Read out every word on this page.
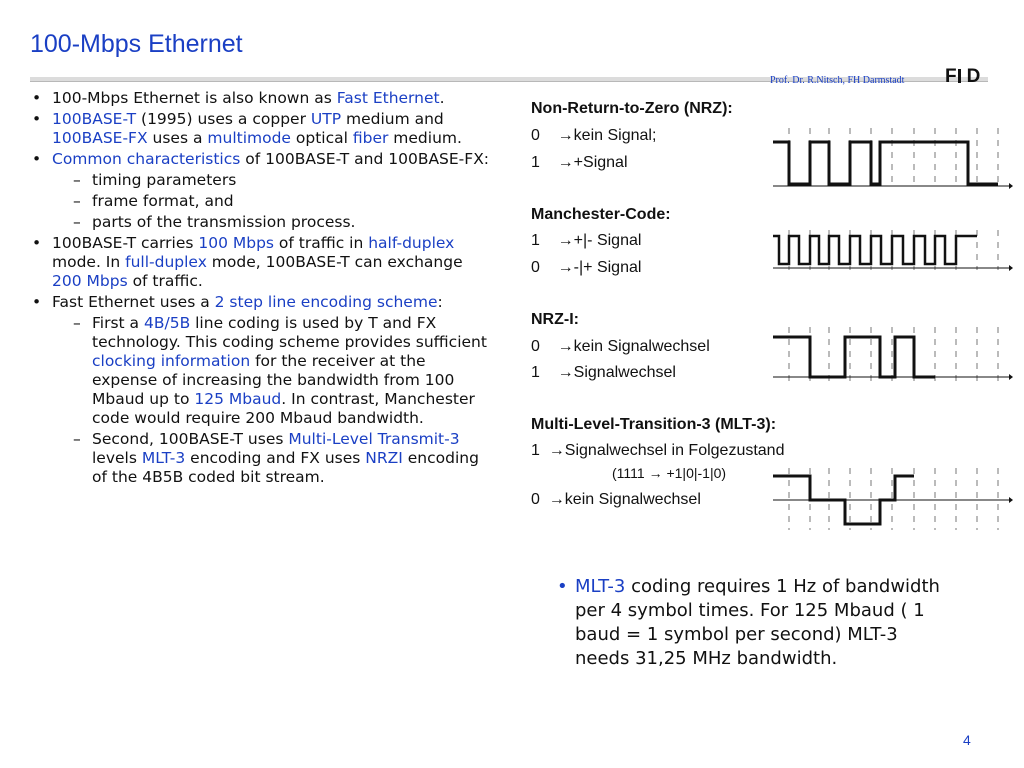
100-Mbps Ethernet
Prof. Dr. R.Nitsch, FH Darmstadt F D
• 100-Mbps Ethernet is also known as Fast Ethernet.
• 100BASE-T (1995) uses a copper UTP medium and 100BASE-FX uses a multimode optical fiber medium.
• Common characteristics of 100BASE-T and 100BASE-FX:
– timing parameters
– frame format, and
– parts of the transmission process.
• 100BASE-T carries 100 Mbps of traffic in half-duplex mode. In full-duplex mode, 100BASE-T can exchange 200 Mbps of traffic.
• Fast Ethernet uses a 2 step line encoding scheme:
– First a 4B/5B line coding is used by T and FX technology. This coding scheme provides sufficient clocking information for the receiver at the expense of increasing the bandwidth from 100 Mbaud up to 125 Mbaud. In contrast, Manchester code would require 200 Mbaud bandwidth.
– Second, 100BASE-T uses Multi-Level Transmit-3 levels MLT-3 encoding and FX uses NRZI encoding of the 4B5B coded bit stream.
Non-Return-to-Zero (NRZ):
0    →kein Signal;
1    →+Signal
Manchester-Code:
1    →+|- Signal
0    →-|+ Signal
NRZ-I:
0    →kein Signalwechsel
1    →Signalwechsel
Multi-Level-Transition-3 (MLT-3):
1  →Signalwechsel in Folgezustand
(1111 → +1|0|-1|0)
0  →kein Signalwechsel
• MLT-3 coding requires 1 Hz of bandwidth per 4 symbol times. For 125 Mbaud ( 1 baud = 1 symbol per second) MLT-3 needs 31,25 MHz bandwidth.
4
